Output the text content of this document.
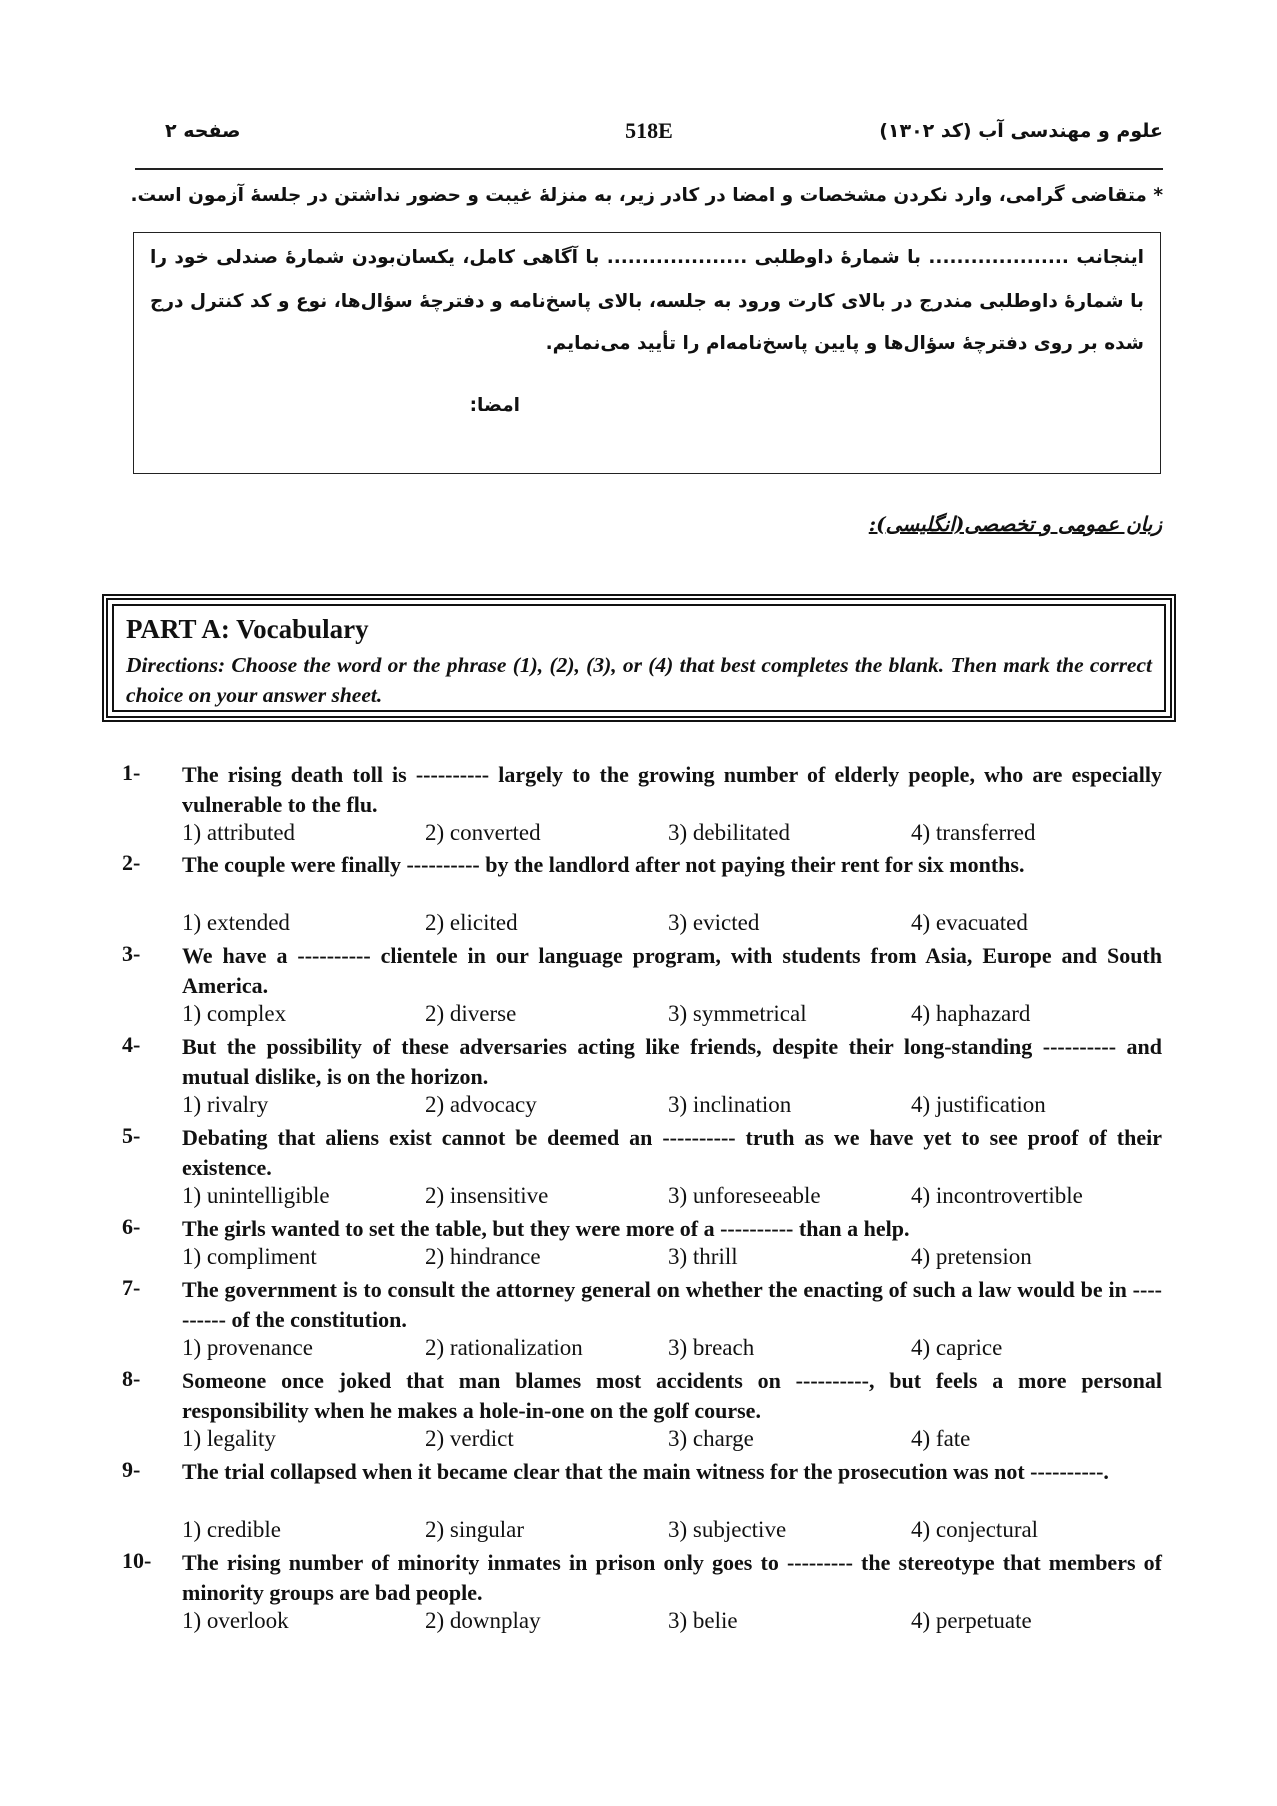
علوم و مهندسی آب (کد ۱۳۰۲)
518E
صفحه ۲
* متقاضی گرامی، وارد نکردن مشخصات و امضا در کادر زیر، به منزلهٔ غیبت و حضور نداشتن در جلسهٔ آزمون است.

اینجانب .................... با شمارهٔ داوطلبی .................... با آگاهی کامل، یکسان‌بودن شمارهٔ صندلی خود را

با شمارهٔ داوطلبی مندرج در بالای کارت ورود به جلسه، بالای پاسخ‌نامه و دفترچهٔ سؤال‌ها، نوع و کد کنترل درج

شده بر روی دفترچهٔ سؤال‌ها و پایین پاسخ‌نامه‌ام را تأیید می‌نمایم.

امضا:

زبان عمومی و تخصصی(انگلیسی):
PART A: Vocabulary
Directions: Choose the word or the phrase (1), (2), (3), or (4) that best completes the blank. Then mark the correct choice on your answer sheet.
1- The rising death toll is ---------- largely to the growing number of elderly people, who are especially vulnerable to the flu.
1) attributed	2) converted	3) debilitated	4) transferred
2- The couple were finally ---------- by the landlord after not paying their rent for six months.
1) extended	2) elicited	3) evicted	4) evacuated
3- We have a ---------- clientele in our language program, with students from Asia, Europe and South America.
1) complex	2) diverse	3) symmetrical	4) haphazard
4- But the possibility of these adversaries acting like friends, despite their long-standing ---------- and mutual dislike, is on the horizon.
1) rivalry	2) advocacy	3) inclination	4) justification
5- Debating that aliens exist cannot be deemed an ---------- truth as we have yet to see proof of their existence.
1) unintelligible	2) insensitive	3) unforeseeable	4) incontrovertible
6- The girls wanted to set the table, but they were more of a ---------- than a help.
1) compliment	2) hindrance	3) thrill	4) pretension
7- The government is to consult the attorney general on whether the enacting of such a law would be in ---------- of the constitution.
1) provenance	2) rationalization	3) breach	4) caprice
8- Someone once joked that man blames most accidents on ----------, but feels a more personal responsibility when he makes a hole-in-one on the golf course.
1) legality	2) verdict	3) charge	4) fate
9- The trial collapsed when it became clear that the main witness for the prosecution was not ----------.
1) credible	2) singular	3) subjective	4) conjectural
10- The rising number of minority inmates in prison only goes to --------- the stereotype that members of minority groups are bad people.
1) overlook	2) downplay	3) belie	4) perpetuate
